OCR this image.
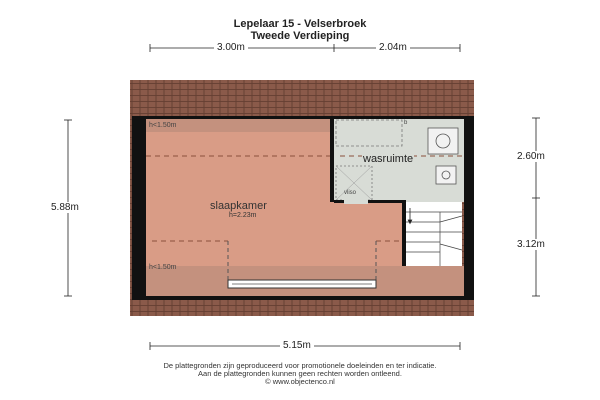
Lepelaar 15 - Velserbroek
Tweede Verdieping
3.00m	2.04m
5.88m
2.60m
3.12m
5.15m
slaapkamer
h=2.23m
wasruimte
h<1.50m
h<1.50m
vliso
b
De plattegronden zijn geproduceerd voor promotionele doeleinden en ter indicatie.
Aan de plattegronden kunnen geen rechten worden ontleend.
© www.objectenco.nl
